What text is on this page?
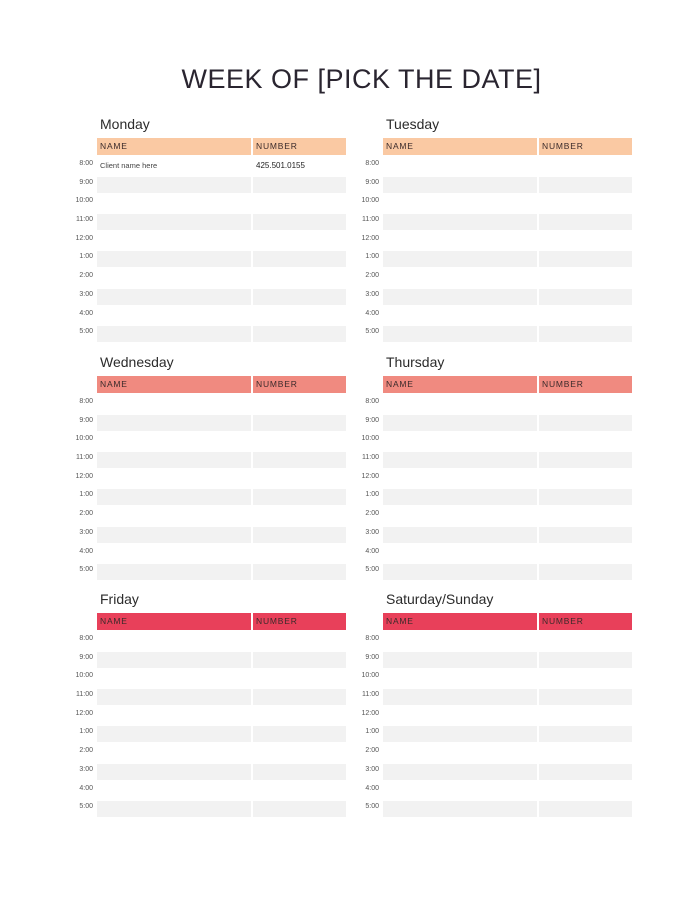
WEEK OF [PICK THE DATE]
Monday
NAME	NUMBER
8:00 Client name here	425.501.0155
9:00
10:00
11:00
12:00
1:00
2:00
3:00
4:00
5:00
Tuesday
NAME	NUMBER
8:00
9:00
10:00
11:00
12:00
1:00
2:00
3:00
4:00
5:00
Wednesday
NAME	NUMBER
8:00
9:00
10:00
11:00
12:00
1:00
2:00
3:00
4:00
5:00
Thursday
NAME	NUMBER
8:00
9:00
10:00
11:00
12:00
1:00
2:00
3:00
4:00
5:00
Friday
NAME	NUMBER
8:00
9:00
10:00
11:00
12:00
1:00
2:00
3:00
4:00
5:00
Saturday/Sunday
NAME	NUMBER
8:00
9:00
10:00
11:00
12:00
1:00
2:00
3:00
4:00
5:00
